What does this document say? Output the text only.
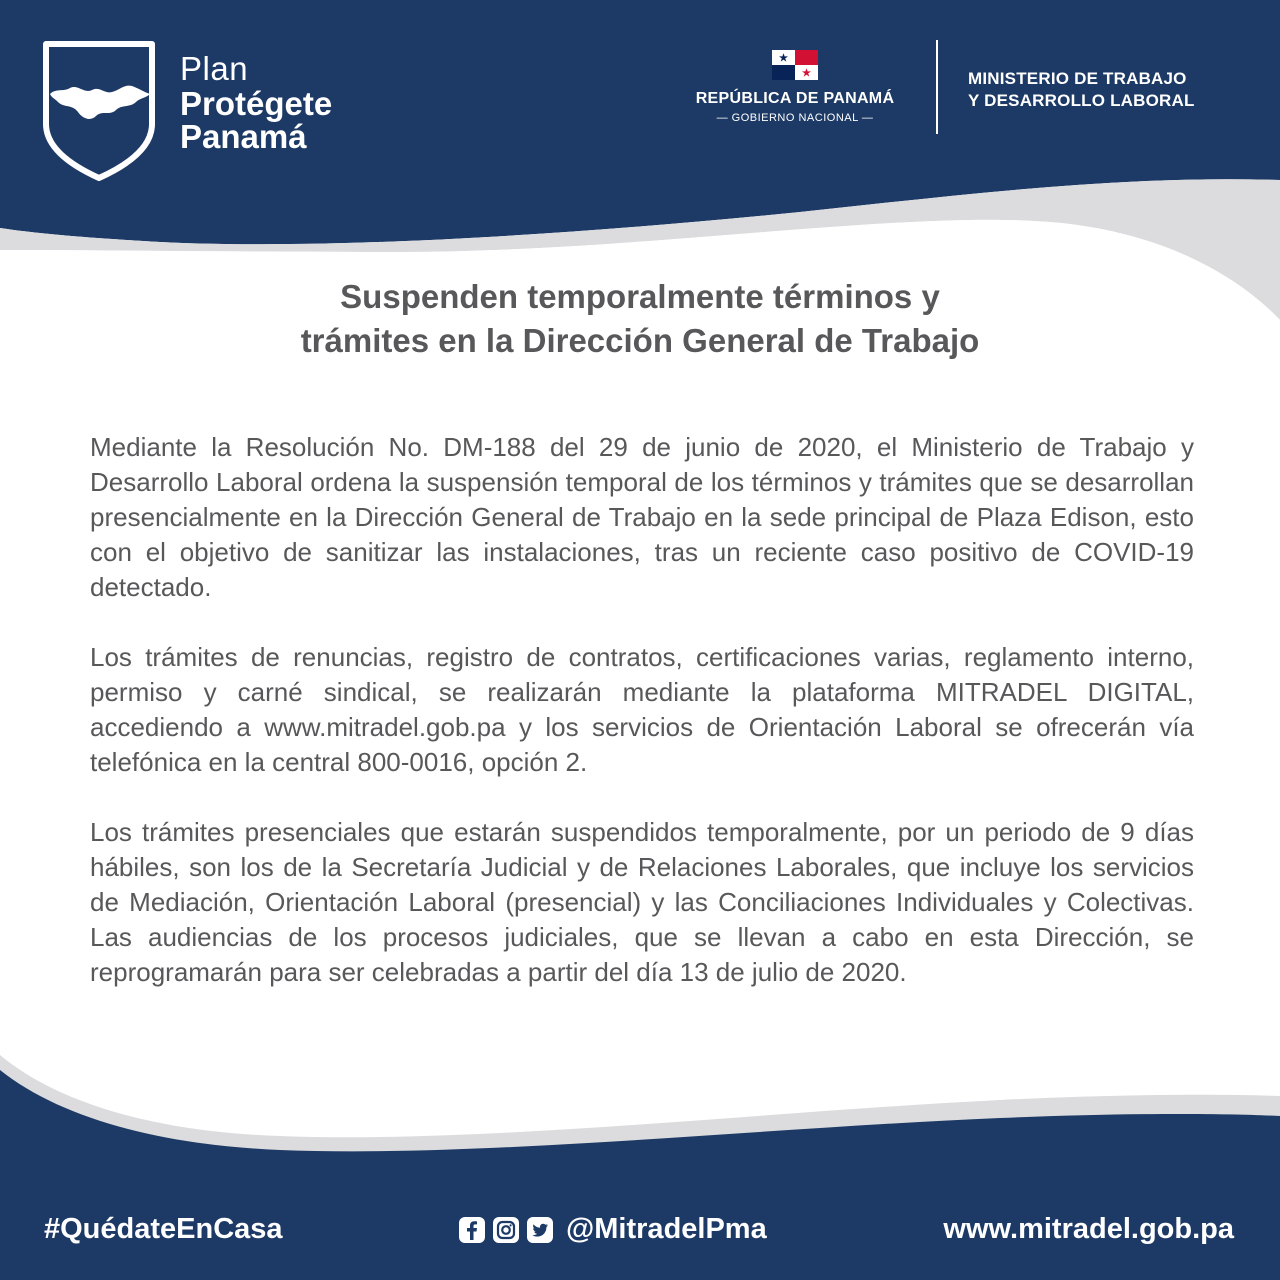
Plan
Protégete
Panamá
REPÚBLICA DE PANAMÁ
— GOBIERNO NACIONAL —
MINISTERIO DE TRABAJO
Y DESARROLLO LABORAL
Suspenden temporalmente términos y
trámites en la Dirección General de Trabajo

Mediante la Resolución No. DM-188 del 29 de junio de 2020, el Ministerio de Trabajo y Desarrollo Laboral ordena la suspensión temporal de los términos y trámites que se desarrollan presencialmente en la Dirección General de Trabajo en la sede principal de Plaza Edison, esto con el objetivo de sanitizar las instalaciones, tras un reciente caso positivo de COVID-19 detectado.

Los trámites de renuncias, registro de contratos, certificaciones varias, reglamento interno, permiso y carné sindical, se realizarán mediante la plataforma MITRADEL DIGITAL, accediendo a www.mitradel.gob.pa y los servicios de Orientación Laboral se ofrecerán vía telefónica en la central 800-0016, opción 2.

Los trámites presenciales que estarán suspendidos temporalmente, por un periodo de 9 días hábiles, son los de la Secretaría Judicial y de Relaciones Laborales, que incluye los servicios de Mediación, Orientación Laboral (presencial) y las Conciliaciones Individuales y Colectivas. Las audiencias de los procesos judiciales, que se llevan a cabo en esta Dirección, se reprogramarán para ser celebradas a partir del día 13 de julio de 2020.

#QuédateEnCasa	@MitradelPma	www.mitradel.gob.pa
